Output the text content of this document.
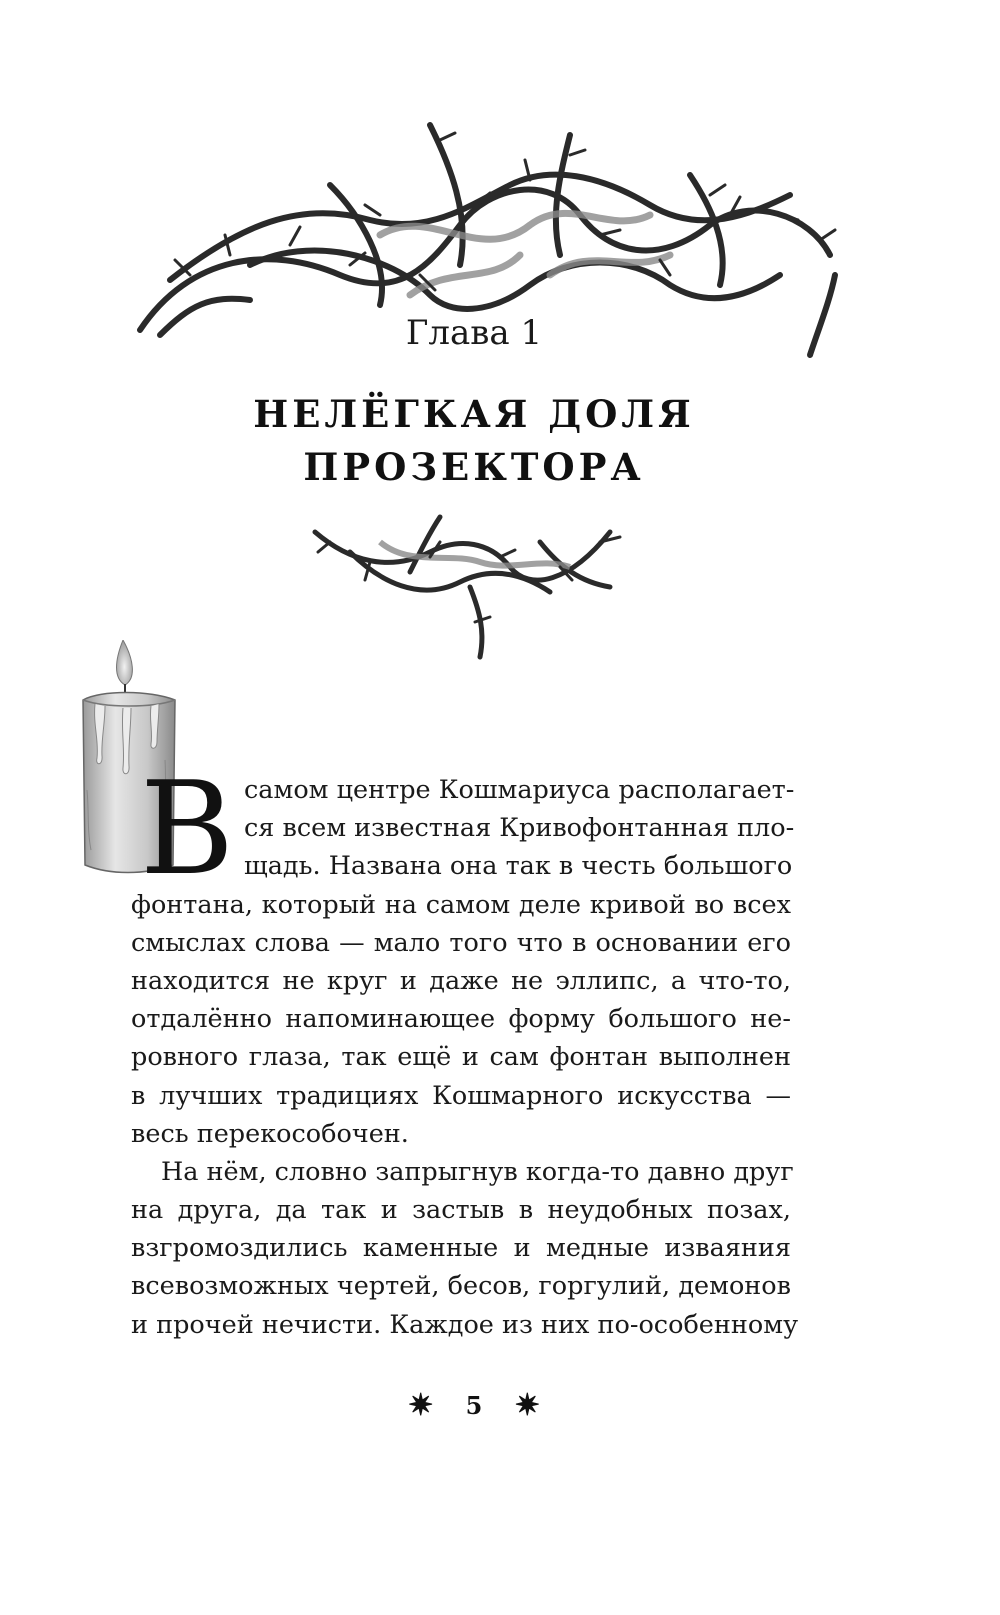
Глава 1
НЕЛЁГКАЯ ДОЛЯ
ПРОЗЕКТОРА
В самом центре Кошмариуса располагает-
ся всем известная Кривофонтанная пло-
щадь. Названа она так в честь большого
фонтана, который на самом деле кривой во всех
смыслах слова — мало того что в основании его
находится не круг и даже не эллипс, а что-то,
отдалённо напоминающее форму большого не-
ровного глаза, так ещё и сам фонтан выполнен
в лучших традициях Кошмарного искусства —
весь перекособочен.
На нём, словно запрыгнув когда-то давно друг
на друга, да так и застыв в неудобных позах,
взгромоздились каменные и медные изваяния
всевозможных чертей, бесов, горгулий, демонов
и прочей нечисти. Каждое из них по-особенному
✷ 5 ✷
